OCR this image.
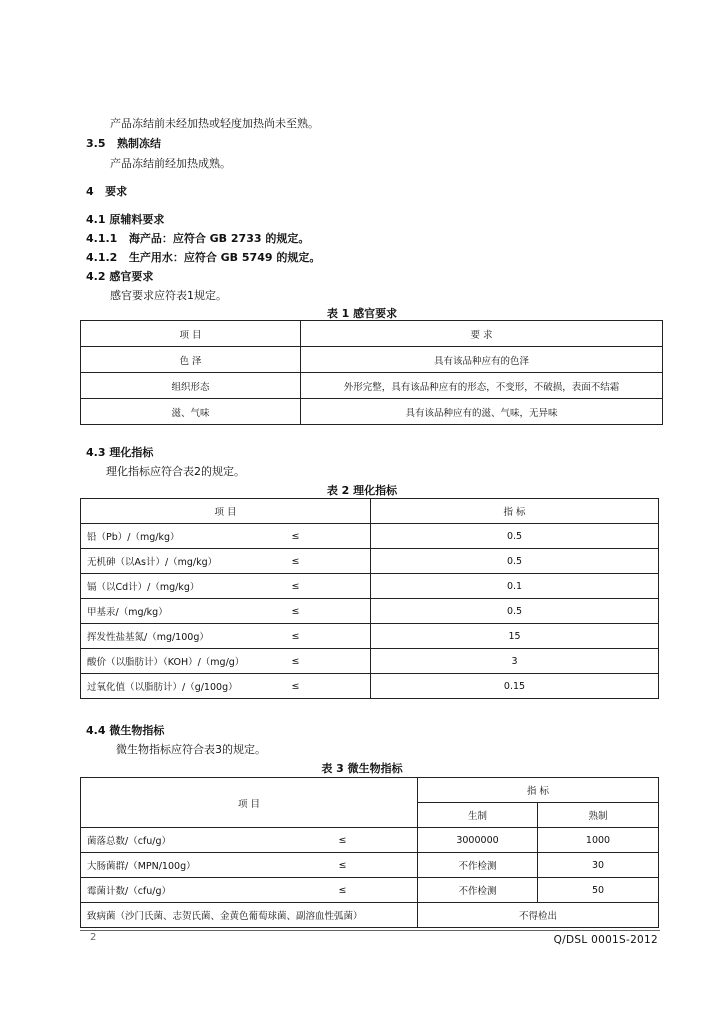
产品冻结前未经加热或轻度加热尚未至熟。
3.5 熟制冻结
产品冻结前经加热成熟。
4 要求
4.1 原辅料要求
4.1.1 海产品：应符合 GB 2733 的规定。
4.1.2 生产用水：应符合 GB 5749 的规定。
4.2 感官要求
感官要求应符表1规定。
表 1 感官要求
项 目	要 求
色 泽	具有该品种应有的色泽
组织形态	外形完整，具有该品种应有的形态，不变形，不破损，表面不结霜
滋、气味	具有该品种应有的滋、气味，无异味
4.3 理化指标
理化指标应符合表2的规定。
表 2 理化指标
项 目		指 标
铅（Pb）/（mg/kg）	≤	0.5
无机砷（以As计）/（mg/kg）	≤	0.5
镉（以Cd计）/（mg/kg）	≤	0.1
甲基汞/（mg/kg）	≤	0.5
挥发性盐基氮/（mg/100g）	≤	15
酸价（以脂肪计）（KOH）/（mg/g）	≤	3
过氧化值（以脂肪计）/（g/100g）	≤	0.15
4.4 微生物指标
微生物指标应符合表3的规定。
表 3 微生物指标
项 目		指 标	
		生制	熟制
菌落总数/（cfu/g）	≤	3000000	1000
大肠菌群/（MPN/100g）	≤	不作检测	30
霉菌计数/（cfu/g）	≤	不作检测	50
致病菌（沙门氏菌、志贺氏菌、金黄色葡萄球菌、副溶血性弧菌）		不得检出	
2	Q/DSL 0001S-2012
